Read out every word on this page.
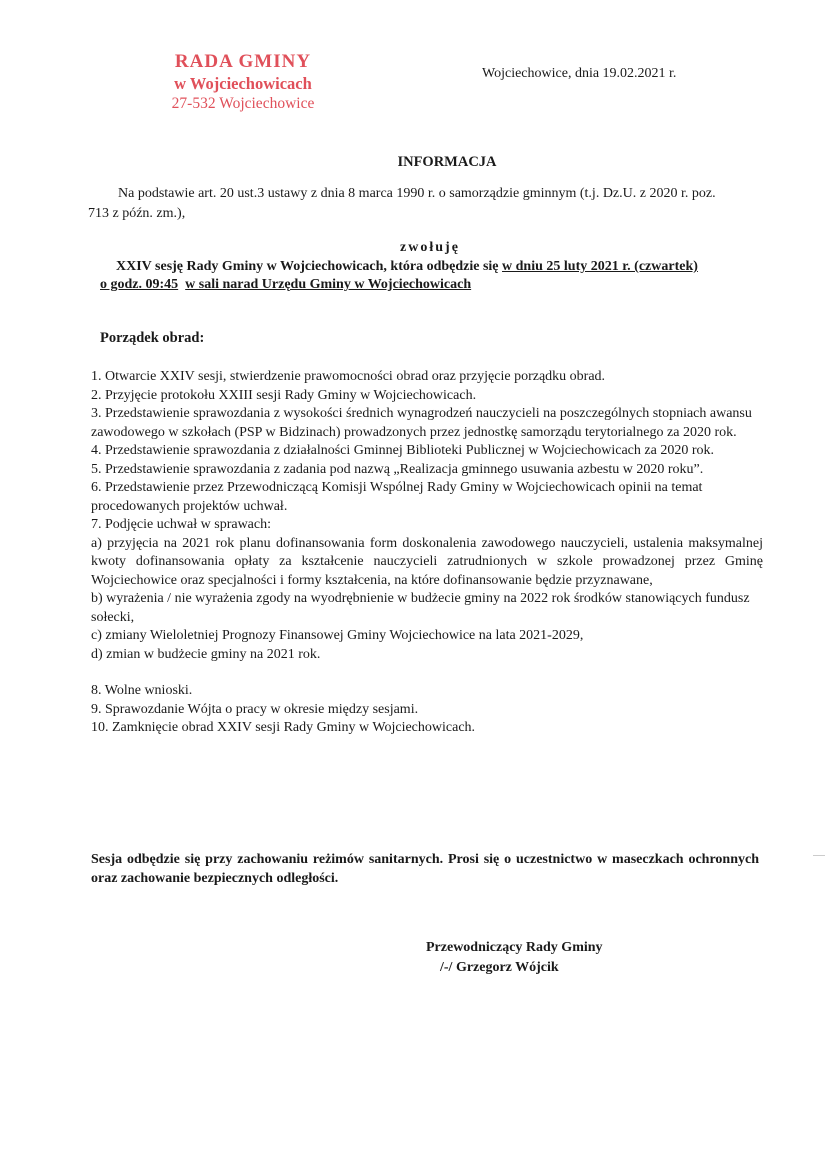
RADA GMINY
w Wojciechowicach
27-532 Wojciechowice
Wojciechowice, dnia 19.02.2021 r.
INFORMACJA
Na podstawie art. 20 ust.3 ustawy z dnia 8 marca 1990 r. o samorządzie gminnym (t.j. Dz.U. z 2020 r. poz.
713 z późn. zm.),
zwołuję
XXIV sesję Rady Gminy w Wojciechowicach, która odbędzie się w dniu 25 luty 2021 r. (czwartek)
o godz. 09:45 w sali narad Urzędu Gminy w Wojciechowicach
Porządek obrad:
1. Otwarcie XXIV sesji, stwierdzenie prawomocności obrad oraz przyjęcie porządku obrad.
2. Przyjęcie protokołu XXIII sesji Rady Gminy w Wojciechowicach.
3. Przedstawienie sprawozdania z wysokości średnich wynagrodzeń nauczycieli na poszczególnych stopniach awansu zawodowego w szkołach (PSP w Bidzinach) prowadzonych przez jednostkę samorządu terytorialnego za 2020 rok.
4. Przedstawienie sprawozdania z działalności Gminnej Biblioteki Publicznej w Wojciechowicach za 2020 rok.
5. Przedstawienie sprawozdania z zadania pod nazwą „Realizacja gminnego usuwania azbestu w 2020 roku”.
6. Przedstawienie przez Przewodniczącą Komisji Wspólnej Rady Gminy w Wojciechowicach opinii na temat procedowanych projektów uchwał.
7. Podjęcie uchwał w sprawach:
a) przyjęcia na 2021 rok planu dofinansowania form doskonalenia zawodowego nauczycieli, ustalenia maksymalnej kwoty dofinansowania opłaty za kształcenie nauczycieli zatrudnionych w szkole prowadzonej przez Gminę Wojciechowice oraz specjalności i formy kształcenia, na które dofinansowanie będzie przyznawane,
b) wyrażenia / nie wyrażenia zgody na wyodrębnienie w budżecie gminy na 2022 rok środków stanowiących fundusz sołecki,
c) zmiany Wieloletniej Prognozy Finansowej Gminy Wojciechowice na lata 2021-2029,
d) zmian w budżecie gminy na 2021 rok.
8. Wolne wnioski.
9. Sprawozdanie Wójta o pracy w okresie między sesjami.
10. Zamknięcie obrad XXIV sesji Rady Gminy w Wojciechowicach.
Sesja odbędzie się przy zachowaniu reżimów sanitarnych. Prosi się o uczestnictwo w maseczkach ochronnych oraz zachowanie bezpiecznych odległości.
Przewodniczący Rady Gminy

/-/ Grzegorz Wójcik
